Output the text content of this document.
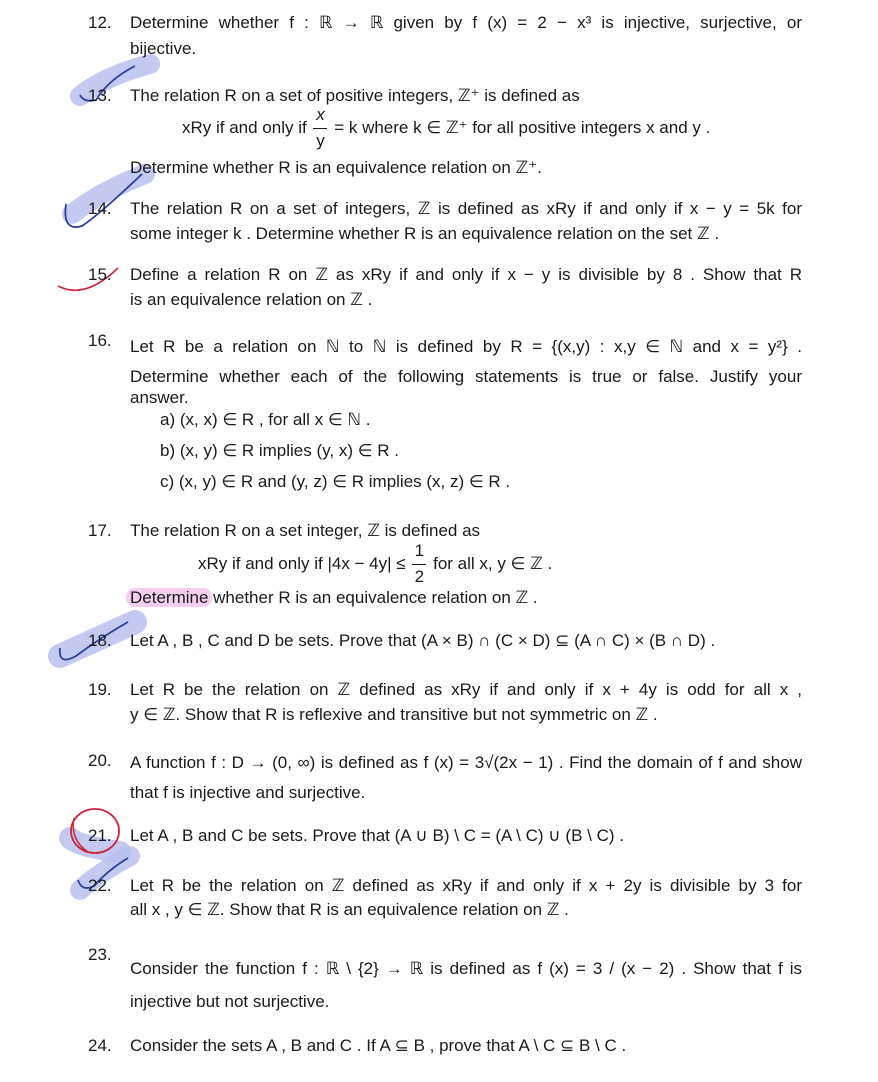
12. Determine whether f : ℝ → ℝ given by f (x) = 2 − x³ is injective, surjective, or
bijective.
13. The relation R on a set of positive integers, ℤ⁺ is defined as
xRy if and only if $\frac{x}{y} = k$ where k ∈ ℤ⁺ for all positive integers x and y .
Determine whether R is an equivalence relation on ℤ⁺.
14. The relation R on a set of integers, ℤ is defined as xRy if and only if x − y = 5k for
some integer k . Determine whether R is an equivalence relation on the set ℤ .
15. Define a relation R on ℤ as xRy if and only if x − y is divisible by 8 . Show that R
is an equivalence relation on ℤ .
16. Let R be a relation on ℕ to ℕ is defined by R = {(x,y) : x,y ∈ ℕ and x = y²} .
Determine whether each of the following statements is true or false. Justify your
answer.
a) (x, x) ∈ R , for all x ∈ ℕ .
b) (x, y) ∈ R implies (y, x) ∈ R .
c) (x, y) ∈ R and (y, z) ∈ R implies (x, z) ∈ R .
17. The relation R on a set integer, ℤ is defined as
xRy if and only if $|4x - 4y| \le \frac{1}{2}$ for all x, y ∈ ℤ .
Determine whether R is an equivalence relation on ℤ .
18. Let A , B , C and D be sets. Prove that (A × B) ∩ (C × D) ⊆ (A ∩ C) × (B ∩ D) .
19. Let R be the relation on ℤ defined as xRy if and only if x + 4y is odd for all x ,
y ∈ ℤ. Show that R is reflexive and transitive but not symmetric on ℤ .
20. A function f : D → (0, ∞) is defined as f (x) = 3√(2x − 1) . Find the domain of f and show
that f is injective and surjective.
21. Let A , B and C be sets. Prove that (A ∪ B) \ C = (A \ C) ∪ (B \ C) .
22. Let R be the relation on ℤ defined as xRy if and only if x + 2y is divisible by 3 for
all x , y ∈ ℤ. Show that R is an equivalence relation on ℤ .
23.
Consider the function f : ℝ \ {2} → ℝ is defined as f (x) = 3 / (x − 2) . Show that f is
injective but not surjective.
24. Consider the sets A , B and C . If A ⊆ B , prove that A \ C ⊆ B \ C .
